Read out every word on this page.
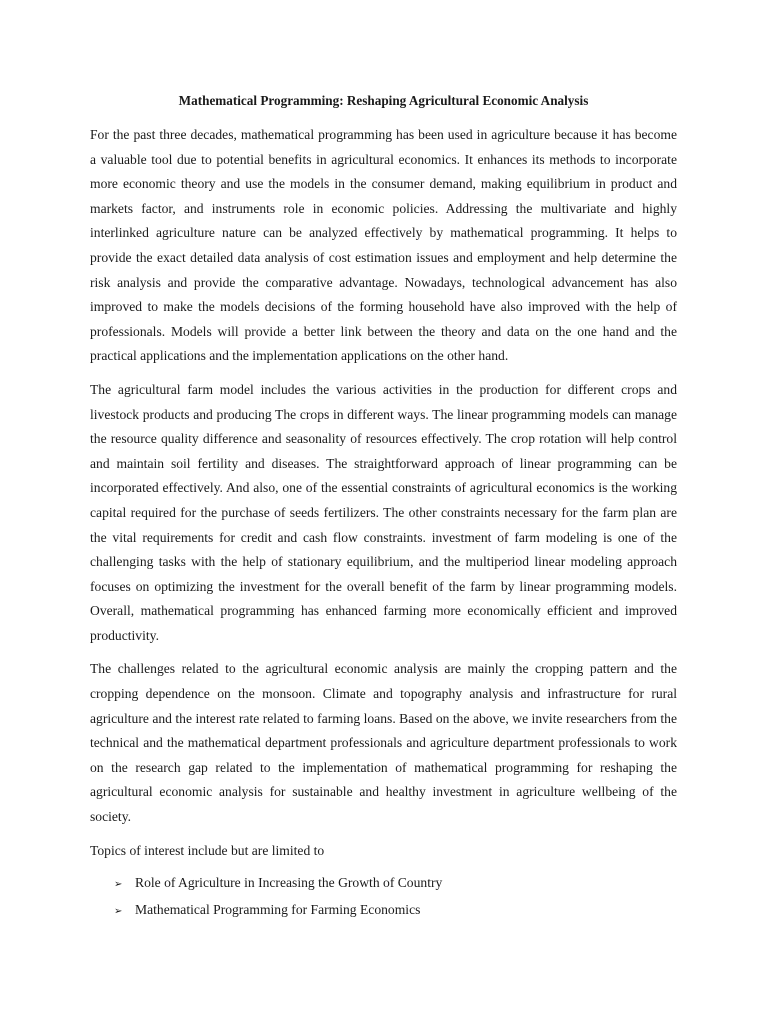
Mathematical Programming: Reshaping Agricultural Economic Analysis

For the past three decades, mathematical programming has been used in agriculture because it has become a valuable tool due to potential benefits in agricultural economics. It enhances its methods to incorporate more economic theory and use the models in the consumer demand, making equilibrium in product and markets factor, and instruments role in economic policies. Addressing the multivariate and highly interlinked agriculture nature can be analyzed effectively by mathematical programming. It helps to provide the exact detailed data analysis of cost estimation issues and employment and help determine the risk analysis and provide the comparative advantage. Nowadays, technological advancement has also improved to make the models decisions of the forming household have also improved with the help of professionals. Models will provide a better link between the theory and data on the one hand and the practical applications and the implementation applications on the other hand.

The agricultural farm model includes the various activities in the production for different crops and livestock products and producing The crops in different ways. The linear programming models can manage the resource quality difference and seasonality of resources effectively. The crop rotation will help control and maintain soil fertility and diseases. The straightforward approach of linear programming can be incorporated effectively. And also, one of the essential constraints of agricultural economics is the working capital required for the purchase of seeds fertilizers. The other constraints necessary for the farm plan are the vital requirements for credit and cash flow constraints. investment of farm modeling is one of the challenging tasks with the help of stationary equilibrium, and the multiperiod linear modeling approach focuses on optimizing the investment for the overall benefit of the farm by linear programming models. Overall, mathematical programming has enhanced farming more economically efficient and improved productivity.

The challenges related to the agricultural economic analysis are mainly the cropping pattern and the cropping dependence on the monsoon. Climate and topography analysis and infrastructure for rural agriculture and the interest rate related to farming loans. Based on the above, we invite researchers from the technical and the mathematical department professionals and agriculture department professionals to work on the research gap related to the implementation of mathematical programming for reshaping the agricultural economic analysis for sustainable and healthy investment in agriculture wellbeing of the society.

Topics of interest include but are limited to

➢ Role of Agriculture in Increasing the Growth of Country
➢ Mathematical Programming for Farming Economics
